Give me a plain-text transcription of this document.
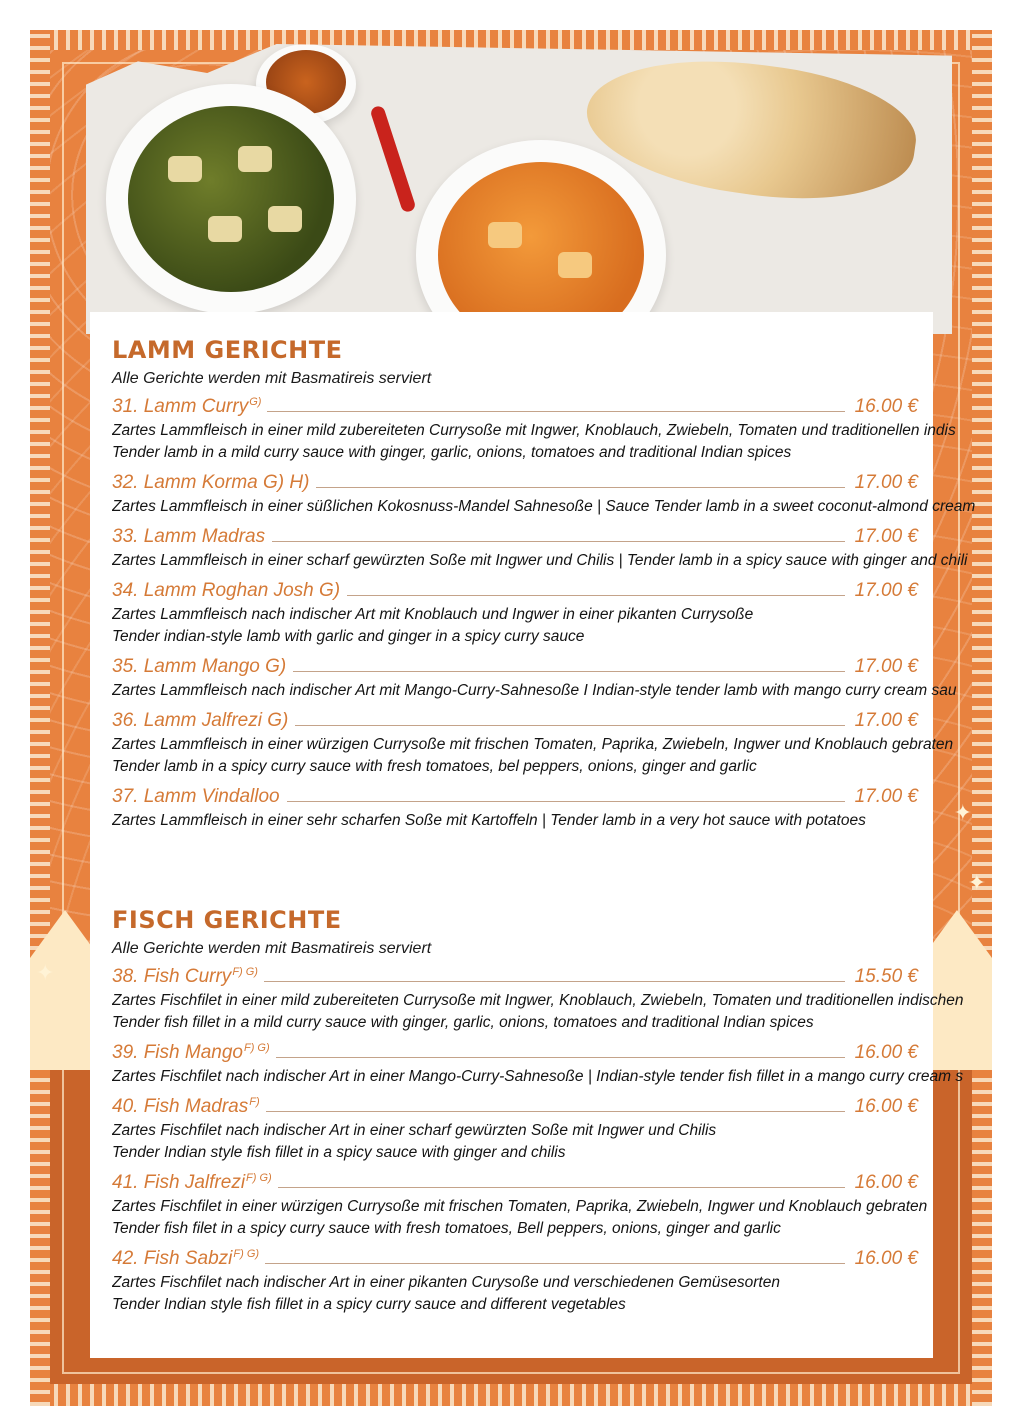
✦
✦
✦
LAMM GERICHTE
Alle Gerichte werden mit Basmatireis serviert
31. Lamm Curry G)	16.00 €
Zartes Lammfleisch in einer mild zubereiteten Currysoße mit Ingwer, Knoblauch, Zwiebeln, Tomaten und traditionellen indis
Tender lamb in a mild curry sauce with ginger, garlic, onions, tomatoes and traditional Indian spices
32. Lamm Korma G) H)	17.00 €
Zartes Lammfleisch in einer süßlichen Kokosnuss-Mandel Sahnesoße | Sauce Tender lamb in a sweet coconut-almond cream
33. Lamm Madras	17.00 €
Zartes Lammfleisch in einer scharf gewürzten Soße mit Ingwer und Chilis | Tender lamb in a spicy sauce with ginger and chili
34. Lamm Roghan Josh G)	17.00 €
Zartes Lammfleisch nach indischer Art mit Knoblauch und Ingwer in einer pikanten Currysoße
Tender indian-style lamb with garlic and ginger in a spicy curry sauce
35. Lamm Mango G)	17.00 €
Zartes Lammfleisch nach indischer Art mit Mango-Curry-Sahnesoße I Indian-style tender lamb with mango curry cream sau
36. Lamm Jalfrezi G)	17.00 €
Zartes Lammfleisch in einer würzigen Currysoße mit frischen Tomaten, Paprika, Zwiebeln, Ingwer und Knoblauch gebraten
Tender lamb in a spicy curry sauce with fresh tomatoes, bel peppers, onions, ginger and garlic
37. Lamm Vindalloo	17.00 €
Zartes Lammfleisch in einer sehr scharfen Soße mit Kartoffeln | Tender lamb in a very hot sauce with potatoes
FISCH GERICHTE
Alle Gerichte werden mit Basmatireis serviert
38. Fish Curry F) G)	15.50 €
Zartes Fischfilet in einer mild zubereiteten Currysoße mit Ingwer, Knoblauch, Zwiebeln, Tomaten und traditionellen indischen
Tender fish fillet in a mild curry sauce with ginger, garlic, onions, tomatoes and traditional Indian spices
39. Fish Mango F) G)	16.00 €
Zartes Fischfilet nach indischer Art in einer Mango-Curry-Sahnesoße | Indian-style tender fish fillet in a mango curry cream s
40. Fish Madras F)	16.00 €
Zartes Fischfilet nach indischer Art in einer scharf gewürzten Soße mit Ingwer und Chilis
Tender Indian style fish fillet in a spicy sauce with ginger and chilis
41. Fish Jalfrezi F) G)	16.00 €
Zartes Fischfilet in einer würzigen Currysoße mit frischen Tomaten, Paprika, Zwiebeln, Ingwer und Knoblauch gebraten
Tender fish filet in a spicy curry sauce with fresh tomatoes, Bell peppers, onions, ginger and garlic
42. Fish Sabzi F) G)	16.00 €
Zartes Fischfilet nach indischer Art in einer pikanten Curysoße und verschiedenen Gemüsesorten
Tender Indian style fish fillet in a spicy curry sauce and different vegetables
